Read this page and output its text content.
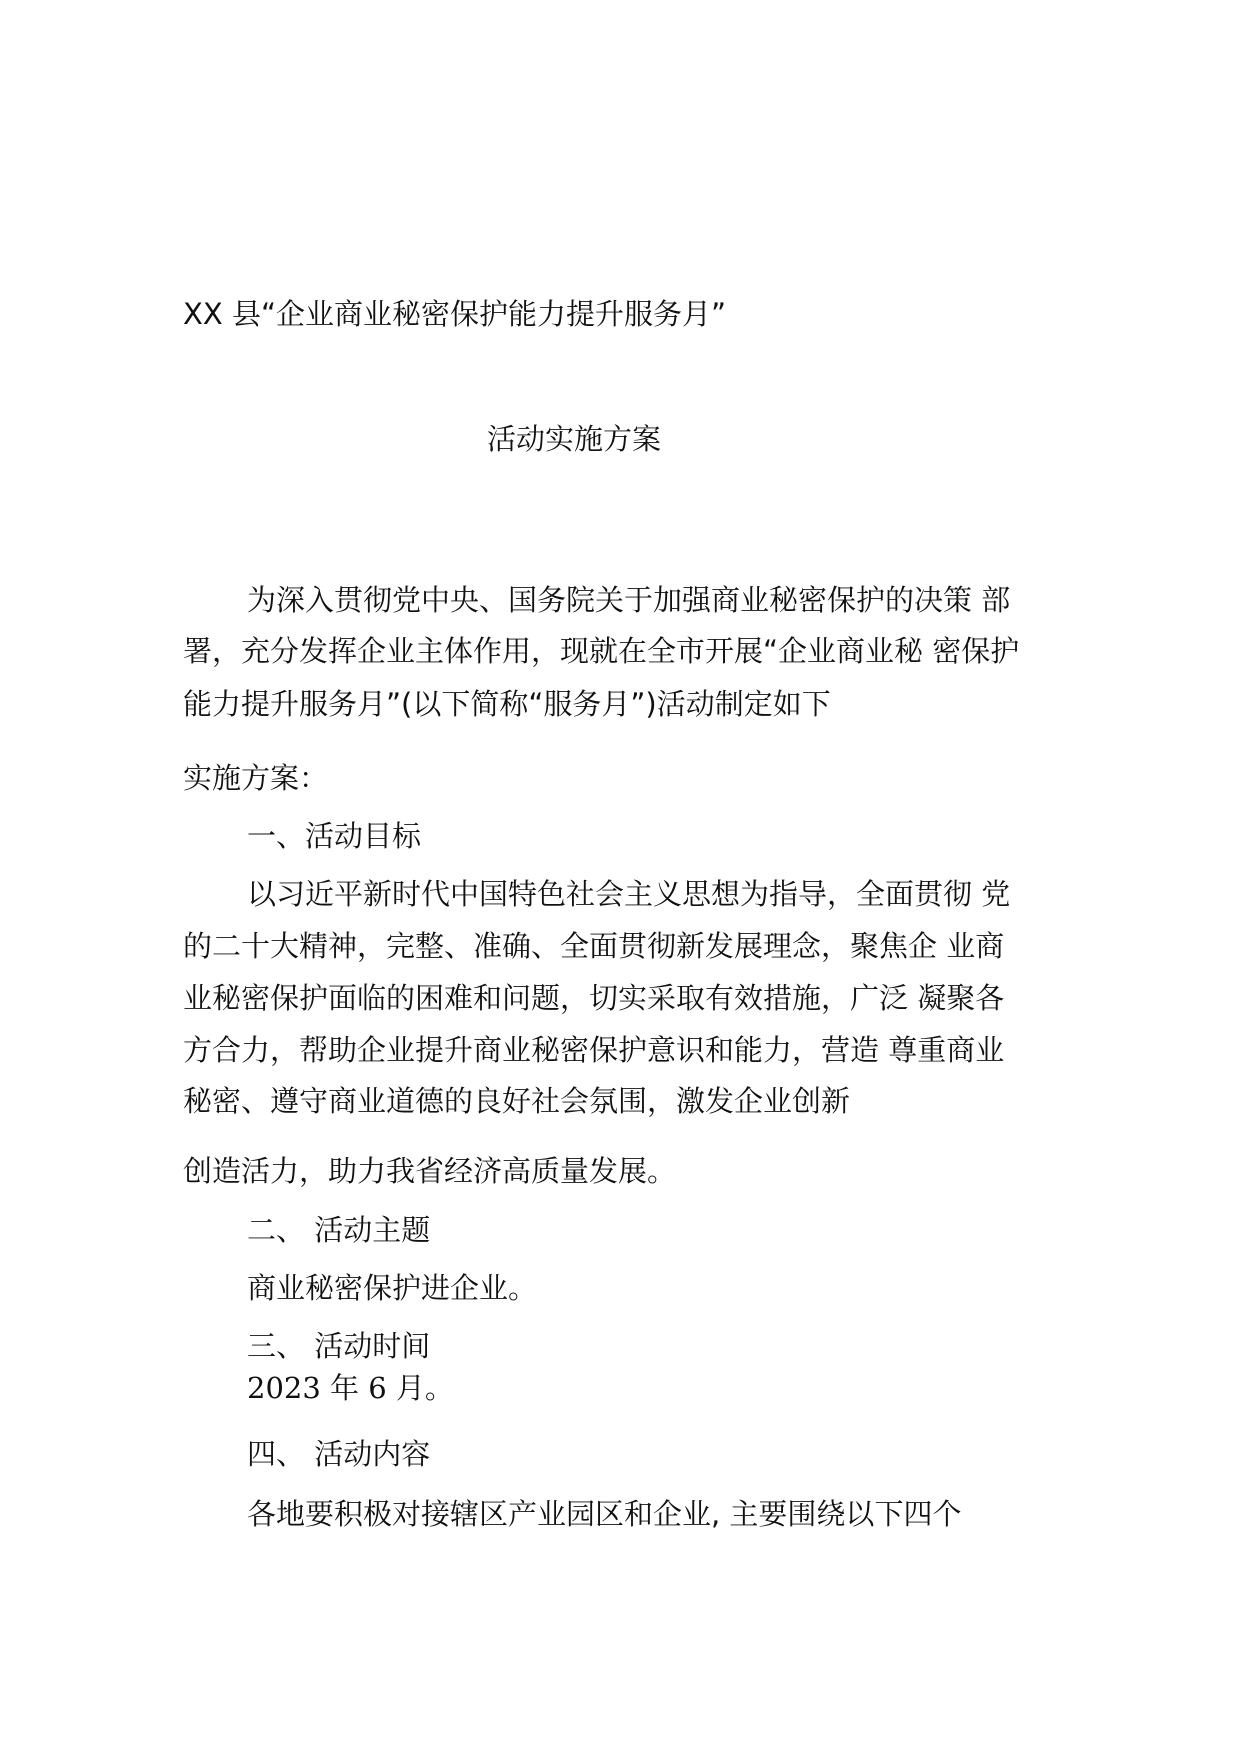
XX 县“企业商业秘密保护能力提升服务月”

活动实施方案

为深入贯彻党中央、国务院关于加强商业秘密保护的决策 部

署，充分发挥企业主体作用，现就在全市开展“企业商业秘 密保护

能力提升服务月”(以下简称“服务月”)活动制定如下

实施方案：

一、活动目标

以习近平新时代中国特色社会主义思想为指导，全面贯彻 党

的二十大精神，完整、准确、全面贯彻新发展理念，聚焦企 业商

业秘密保护面临的困难和问题，切实采取有效措施，广泛 凝聚各

方合力，帮助企业提升商业秘密保护意识和能力，营造 尊重商业

秘密、遵守商业道德的良好社会氛围，激发企业创新

创造活力，助力我省经济高质量发展。

二、 活动主题

商业秘密保护进企业。

三、 活动时间

2023 年 6 月。

四、 活动内容

各地要积极对接辖区产业园区和企业, 主要围绕以下四个
